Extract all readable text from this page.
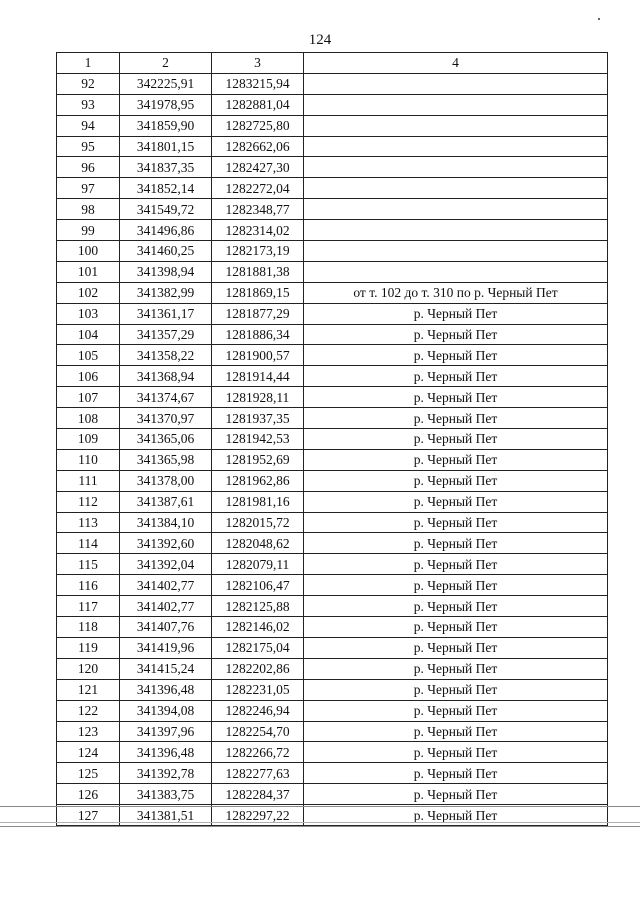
124
1	2	3	4
92	342225,91	1283215,94	
93	341978,95	1282881,04	
94	341859,90	1282725,80	
95	341801,15	1282662,06	
96	341837,35	1282427,30	
97	341852,14	1282272,04	
98	341549,72	1282348,77	
99	341496,86	1282314,02	
100	341460,25	1282173,19	
101	341398,94	1281881,38	
102	341382,99	1281869,15	от т. 102 до т. 310 по р. Черный Пет
103	341361,17	1281877,29	р. Черный Пет
104	341357,29	1281886,34	р. Черный Пет
105	341358,22	1281900,57	р. Черный Пет
106	341368,94	1281914,44	р. Черный Пет
107	341374,67	1281928,11	р. Черный Пет
108	341370,97	1281937,35	р. Черный Пет
109	341365,06	1281942,53	р. Черный Пет
110	341365,98	1281952,69	р. Черный Пет
111	341378,00	1281962,86	р. Черный Пет
112	341387,61	1281981,16	р. Черный Пет
113	341384,10	1282015,72	р. Черный Пет
114	341392,60	1282048,62	р. Черный Пет
115	341392,04	1282079,11	р. Черный Пет
116	341402,77	1282106,47	р. Черный Пет
117	341402,77	1282125,88	р. Черный Пет
118	341407,76	1282146,02	р. Черный Пет
119	341419,96	1282175,04	р. Черный Пет
120	341415,24	1282202,86	р. Черный Пет
121	341396,48	1282231,05	р. Черный Пет
122	341394,08	1282246,94	р. Черный Пет
123	341397,96	1282254,70	р. Черный Пет
124	341396,48	1282266,72	р. Черный Пет
125	341392,78	1282277,63	р. Черный Пет
126	341383,75	1282284,37	р. Черный Пет
127	341381,51	1282297,22	р. Черный Пет
